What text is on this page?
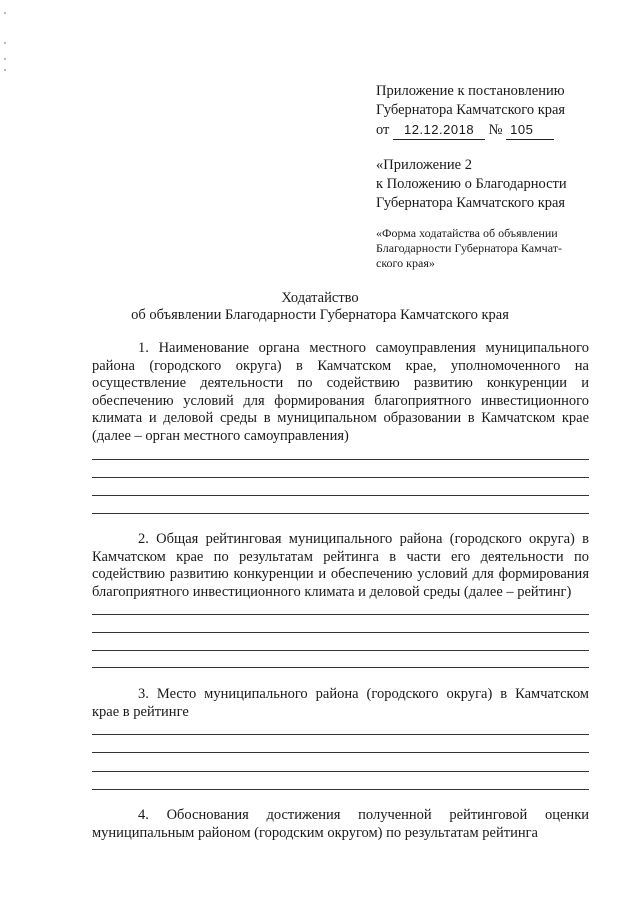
Приложение к постановлению
Губернатора Камчатского края
от 12.12.2018 № 105
«Приложение 2
к Положению о Благодарности
Губернатора Камчатского края
«Форма ходатайства об объявлении
Благодарности Губернатора Камчат-
ского края»
Ходатайство
об объявлении Благодарности Губернатора Камчатского края

1. Наименование органа местного самоуправления муниципального района (городского округа) в Камчатском крае, уполномоченного на осуществление деятельности по содействию развитию конкуренции и обеспечению условий для формирования благоприятного инвестиционного климата и деловой среды в муниципальном образовании в Камчатском крае (далее – орган местного самоуправления)

2. Общая рейтинговая муниципального района (городского округа) в Камчатском крае по результатам рейтинга в части его деятельности по содействию развитию конкуренции и обеспечению условий для формирования благоприятного инвестиционного климата и деловой среды (далее – рейтинг)

3. Место муниципального района (городского округа) в Камчатском крае в рейтинге

4. Обоснования достижения полученной рейтинговой оценки муниципальным районом (городским округом) по результатам рейтинга
